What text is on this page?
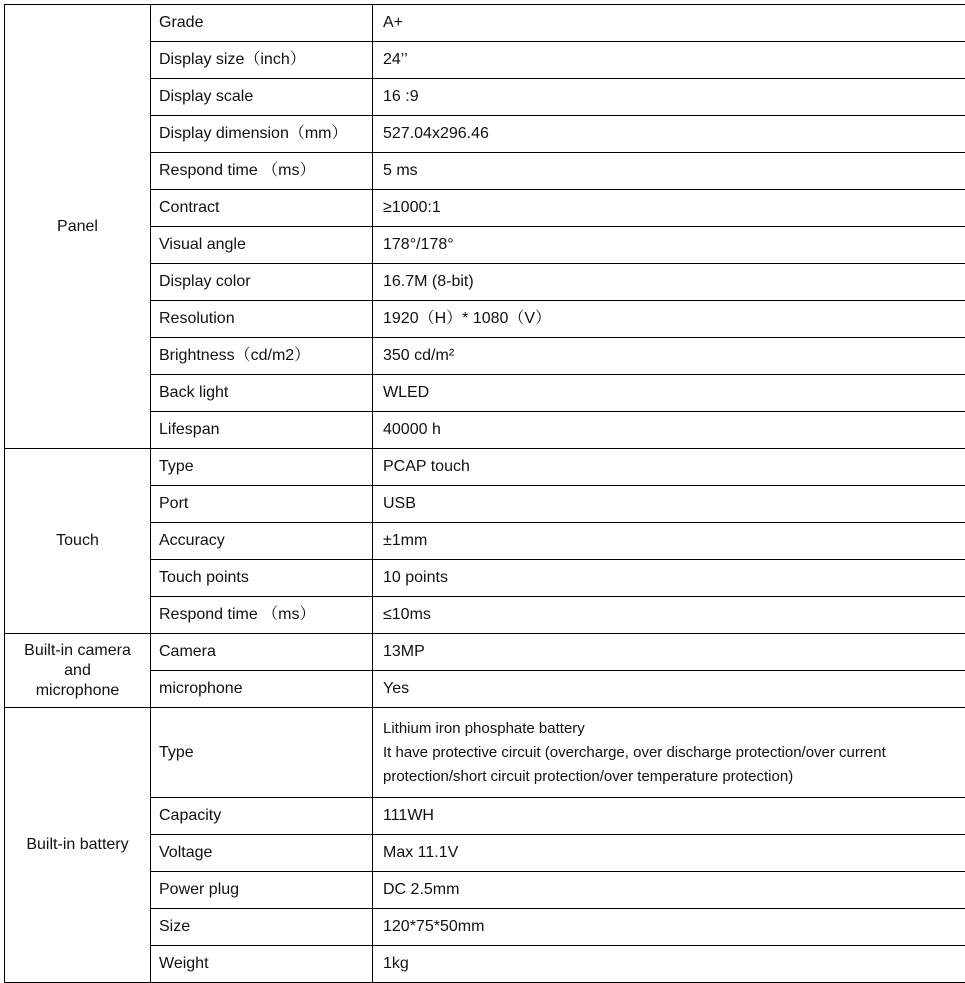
Panel	Grade	A+
	Display size（inch）	24’’
	Display scale	16 :9
	Display dimension（mm）	527.04x296.46
	Respond time （ms）	5 ms
	Contract	≥1000:1
	Visual angle	178°/178°
	Display color	16.7M (8-bit)
	Resolution	1920（H）* 1080（V）
	Brightness（cd/m2）	350 cd/m²
	Back light	WLED
	Lifespan	40000 h
Touch	Type	PCAP touch
	Port	USB
	Accuracy	±1mm
	Touch points	10 points
	Respond time （ms）	≤10ms

Built-in camera
and
microphone	Camera	13MP
	microphone	Yes
Built-in battery	Type	Lithium iron phosphate battery
It have protective circuit (overcharge, over discharge protection/over current
protection/short circuit protection/over temperature protection)

	Capacity	111WH
	Voltage	Max 11.1V
	Power plug	DC 2.5mm
	Size	120*75*50mm
	Weight	1kg
